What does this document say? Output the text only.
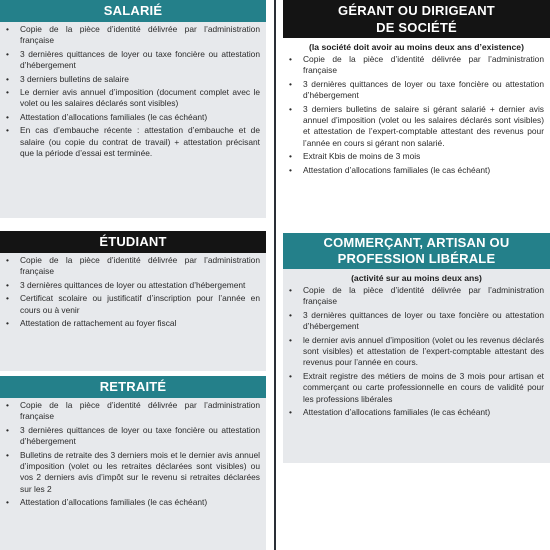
SALARIÉ
• Copie de la pièce d’identité délivrée par l’administration française
• 3 dernières quittances de loyer ou taxe foncière ou attestation d’hébergement
• 3 derniers bulletins de salaire
• Le dernier avis annuel d’imposition (document complet avec le volet ou les salaires déclarés sont visibles)
• Attestation d’allocations familiales (le cas échéant)
• En cas d’embauche récente : attestation d’embauche et de salaire (ou copie du contrat de travail) + attestation précisant que la période d’essai est terminée.
ÉTUDIANT
• Copie de la pièce d’identité délivrée par l’administration française
• 3 dernières quittances de loyer ou attestation d’hébergement
• Certificat scolaire ou justificatif d’inscription pour l’année en cours ou à venir
• Attestation de rattachement au foyer fiscal
RETRAITÉ
• Copie de la pièce d’identité délivrée par l’administration française
• 3 dernières quittances de loyer ou taxe foncière ou attestation d’hébergement
• Bulletins de retraite des 3 derniers mois et le dernier avis annuel d’imposition (volet ou les retraites déclarées sont visibles) ou vos 2 derniers avis d’impôt sur le revenu si retraites déclarées sur les 2
• Attestation d’allocations familiales (le cas échéant)
GÉRANT OU DIRIGEANT
DE SOCIÉTÉ
(la société doit avoir au moins deux ans d’existence)
• Copie de la pièce d’identité délivrée par l’administration française
• 3 dernières quittances de loyer ou taxe foncière ou attestation d’hébergement
• 3 derniers bulletins de salaire si gérant salarié + dernier avis annuel d’imposition (volet ou les salaires déclarés sont visibles) et attestation de l’expert-comptable attestant des revenus pour l’année en cours si gérant non salarié.
• Extrait Kbis de moins de 3 mois
• Attestation d’allocations familiales (le cas échéant)
COMMERÇANT, ARTISAN OU
PROFESSION LIBÉRALE
(activité sur au moins deux ans)
• Copie de la pièce d’identité délivrée par l’administration française
• 3 dernières quittances de loyer ou taxe foncière ou attestation d’hébergement
• le dernier avis annuel d’imposition (volet ou les revenus déclarés sont visibles) et attestation de l’expert-comptable attestant des revenus pour l’année en cours.
• Extrait registre des métiers de moins de 3 mois pour artisan et commerçant ou carte professionnelle en cours de validité pour les professions libérales
• Attestation d’allocations familiales (le cas échéant)
